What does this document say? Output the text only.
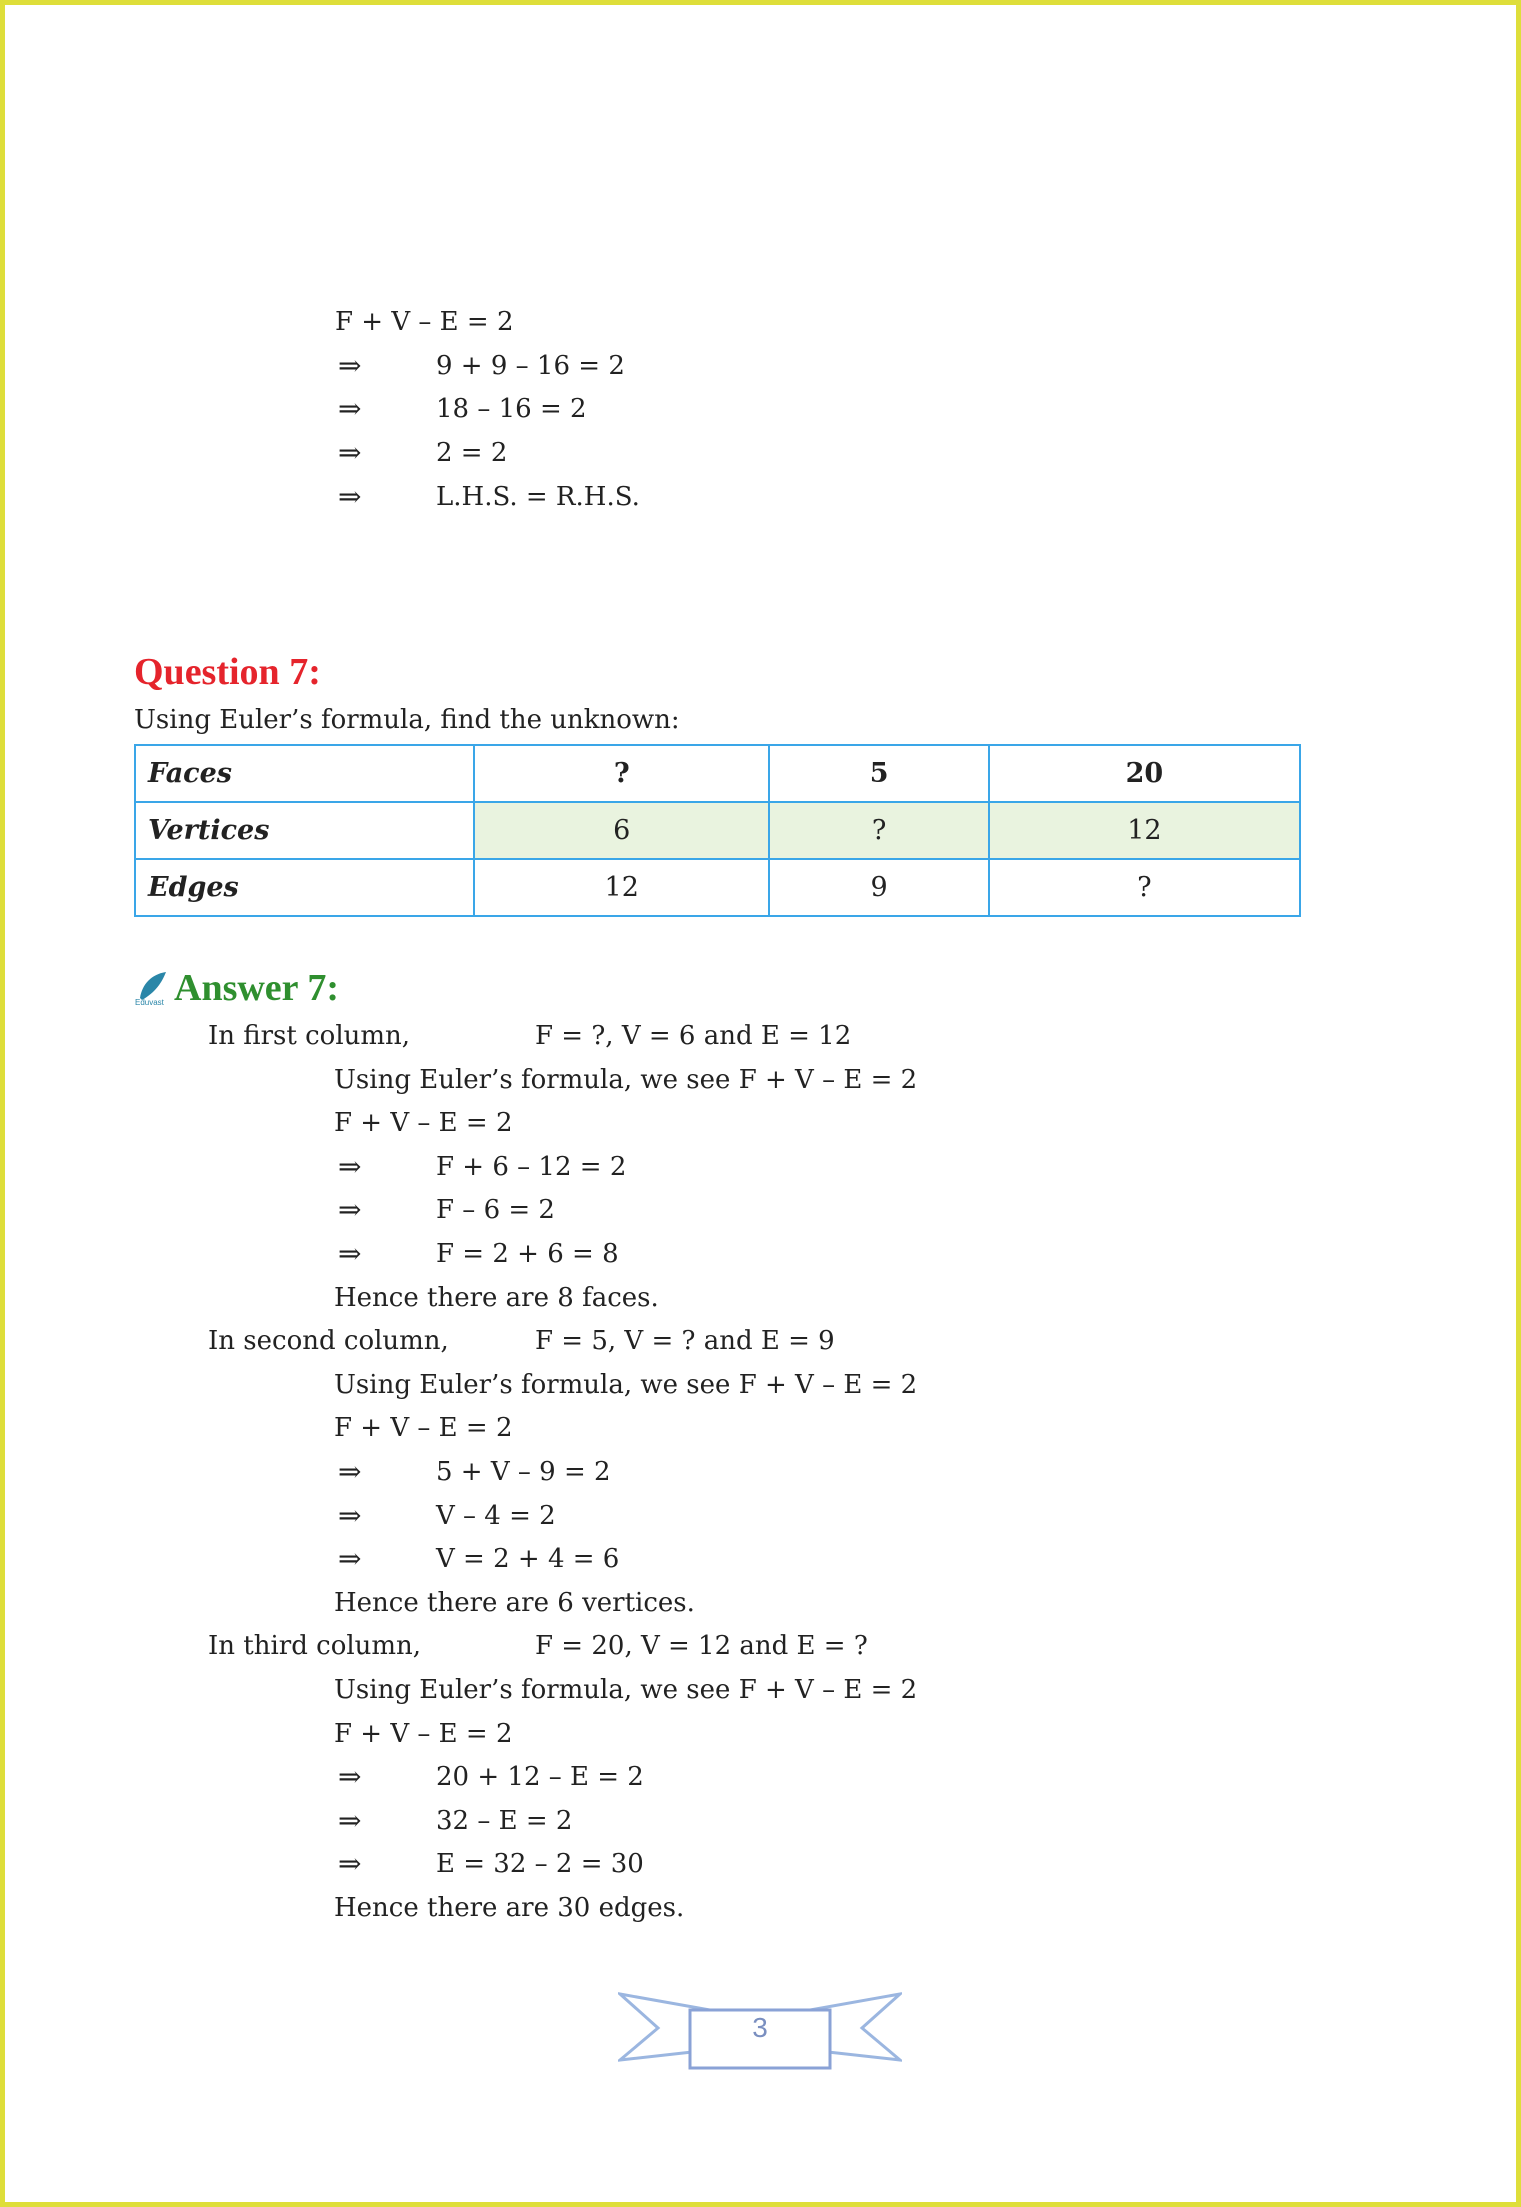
F + V – E = 2
⇒	9 + 9 – 16 = 2
⇒	18 – 16 = 2
⇒	2 = 2
⇒	L.H.S. = R.H.S.
Question 7:
Using Euler’s formula, find the unknown:
Faces	?	5	20
Vertices	6	?	12
Edges	12	9	?
Eduvast Answer 7:
In first column,	F = ?, V = 6 and E = 12
Using Euler’s formula, we see F + V – E = 2
F + V – E = 2
⇒	F + 6 – 12 = 2
⇒	F – 6 = 2
⇒	F = 2 + 6 = 8
Hence there are 8 faces.
In second column,	F = 5, V = ? and E = 9
Using Euler’s formula, we see F + V – E = 2
F + V – E = 2
⇒	5 + V – 9 = 2
⇒	V – 4 = 2
⇒	V = 2 + 4 = 6
Hence there are 6 vertices.
In third column,	F = 20, V = 12 and E = ?
Using Euler’s formula, we see F + V – E = 2
F + V – E = 2
⇒	20 + 12 – E = 2
⇒	32 – E = 2
⇒	E = 32 – 2 = 30
Hence there are 30 edges.
3
